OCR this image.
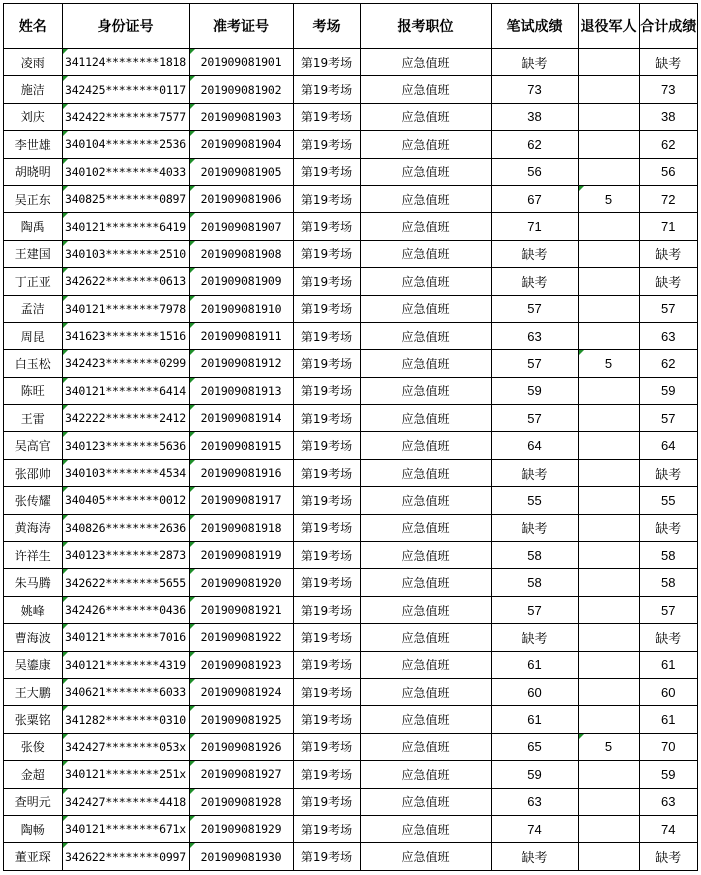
姓名	身份证号	准考证号	考场	报考职位	笔试成绩	退役军人	合计成绩
凌雨	341124********1818	201909081901	第19考场	应急值班	缺考		缺考
施洁	342425********0117	201909081902	第19考场	应急值班	73		73
刘庆	342422********7577	201909081903	第19考场	应急值班	38		38
李世雄	340104********2536	201909081904	第19考场	应急值班	62		62
胡晓明	340102********4033	201909081905	第19考场	应急值班	56		56
吴正东	340825********0897	201909081906	第19考场	应急值班	67	5	72
陶禹	340121********6419	201909081907	第19考场	应急值班	71		71
王建国	340103********2510	201909081908	第19考场	应急值班	缺考		缺考
丁正亚	342622********0613	201909081909	第19考场	应急值班	缺考		缺考
孟洁	340121********7978	201909081910	第19考场	应急值班	57		57
周昆	341623********1516	201909081911	第19考场	应急值班	63		63
白玉松	342423********0299	201909081912	第19考场	应急值班	57	5	62
陈旺	340121********6414	201909081913	第19考场	应急值班	59		59
王雷	342222********2412	201909081914	第19考场	应急值班	57		57
吴高官	340123********5636	201909081915	第19考场	应急值班	64		64
张邵帅	340103********4534	201909081916	第19考场	应急值班	缺考		缺考
张传耀	340405********0012	201909081917	第19考场	应急值班	55		55
黄海涛	340826********2636	201909081918	第19考场	应急值班	缺考		缺考
许祥生	340123********2873	201909081919	第19考场	应急值班	58		58
朱马腾	342622********5655	201909081920	第19考场	应急值班	58		58
姚峰	342426********0436	201909081921	第19考场	应急值班	57		57
曹海波	340121********7016	201909081922	第19考场	应急值班	缺考		缺考
吴鎏康	340121********4319	201909081923	第19考场	应急值班	61		61
王大鹏	340621********6033	201909081924	第19考场	应急值班	60		60
张粟铭	341282********0310	201909081925	第19考场	应急值班	61		61
张俊	342427********053x	201909081926	第19考场	应急值班	65	5	70
金超	340121********251x	201909081927	第19考场	应急值班	59		59
查明元	342427********4418	201909081928	第19考场	应急值班	63		63
陶畅	340121********671x	201909081929	第19考场	应急值班	74		74
董亚琛	342622********0997	201909081930	第19考场	应急值班	缺考		缺考
